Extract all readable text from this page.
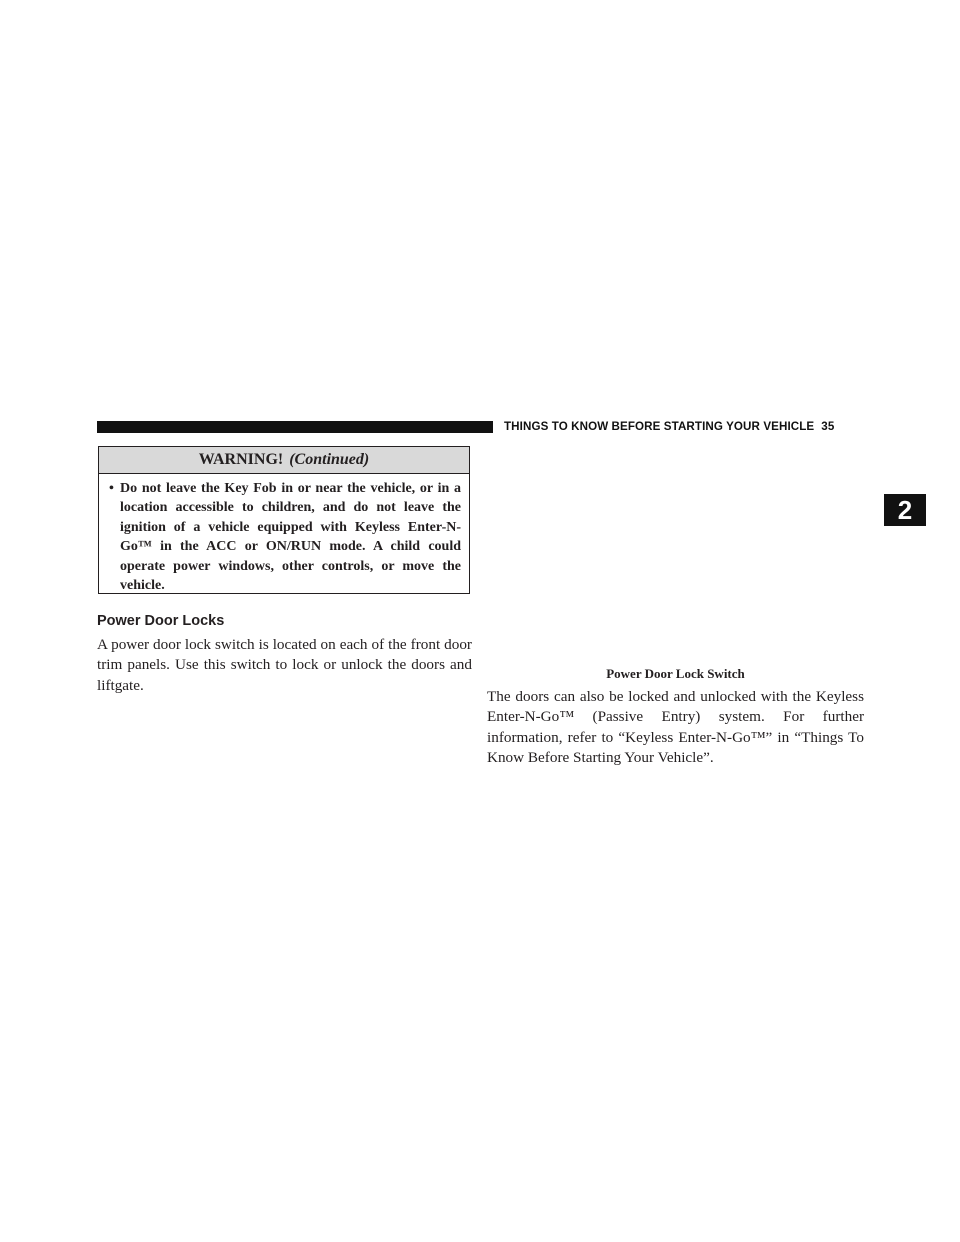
THINGS TO KNOW BEFORE STARTING YOUR VEHICLE 35
2
WARNING! (Continued)
• Do not leave the Key Fob in or near the vehicle, or in a location accessible to children, and do not leave the ignition of a vehicle equipped with Keyless Enter-N-Go™ in the ACC or ON/RUN mode. A child could operate power windows, other controls, or move the vehicle.
Power Door Locks
A power door lock switch is located on each of the front door trim panels. Use this switch to lock or unlock the doors and liftgate.
Power Door Lock Switch
The doors can also be locked and unlocked with the Keyless Enter-N-Go™ (Passive Entry) system. For further information, refer to “Keyless Enter-N-Go™” in “Things To Know Before Starting Your Vehicle”.
